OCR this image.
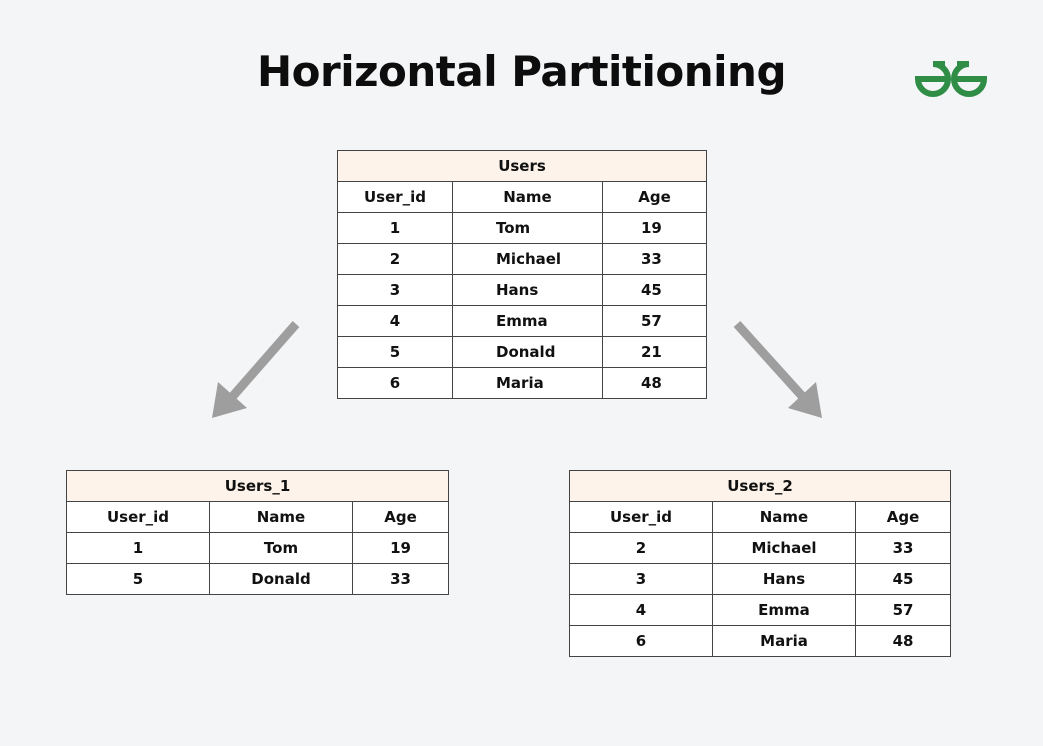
Horizontal Partitioning
Users		
User_id	Name	Age
1	Tom	19
2	Michael	33
3	Hans	45
4	Emma	57
5	Donald	21
6	Maria	48
Users_1		
User_id	Name	Age
1	Tom	19
5	Donald	33
Users_2		
User_id	Name	Age
2	Michael	33
3	Hans	45
4	Emma	57
6	Maria	48
